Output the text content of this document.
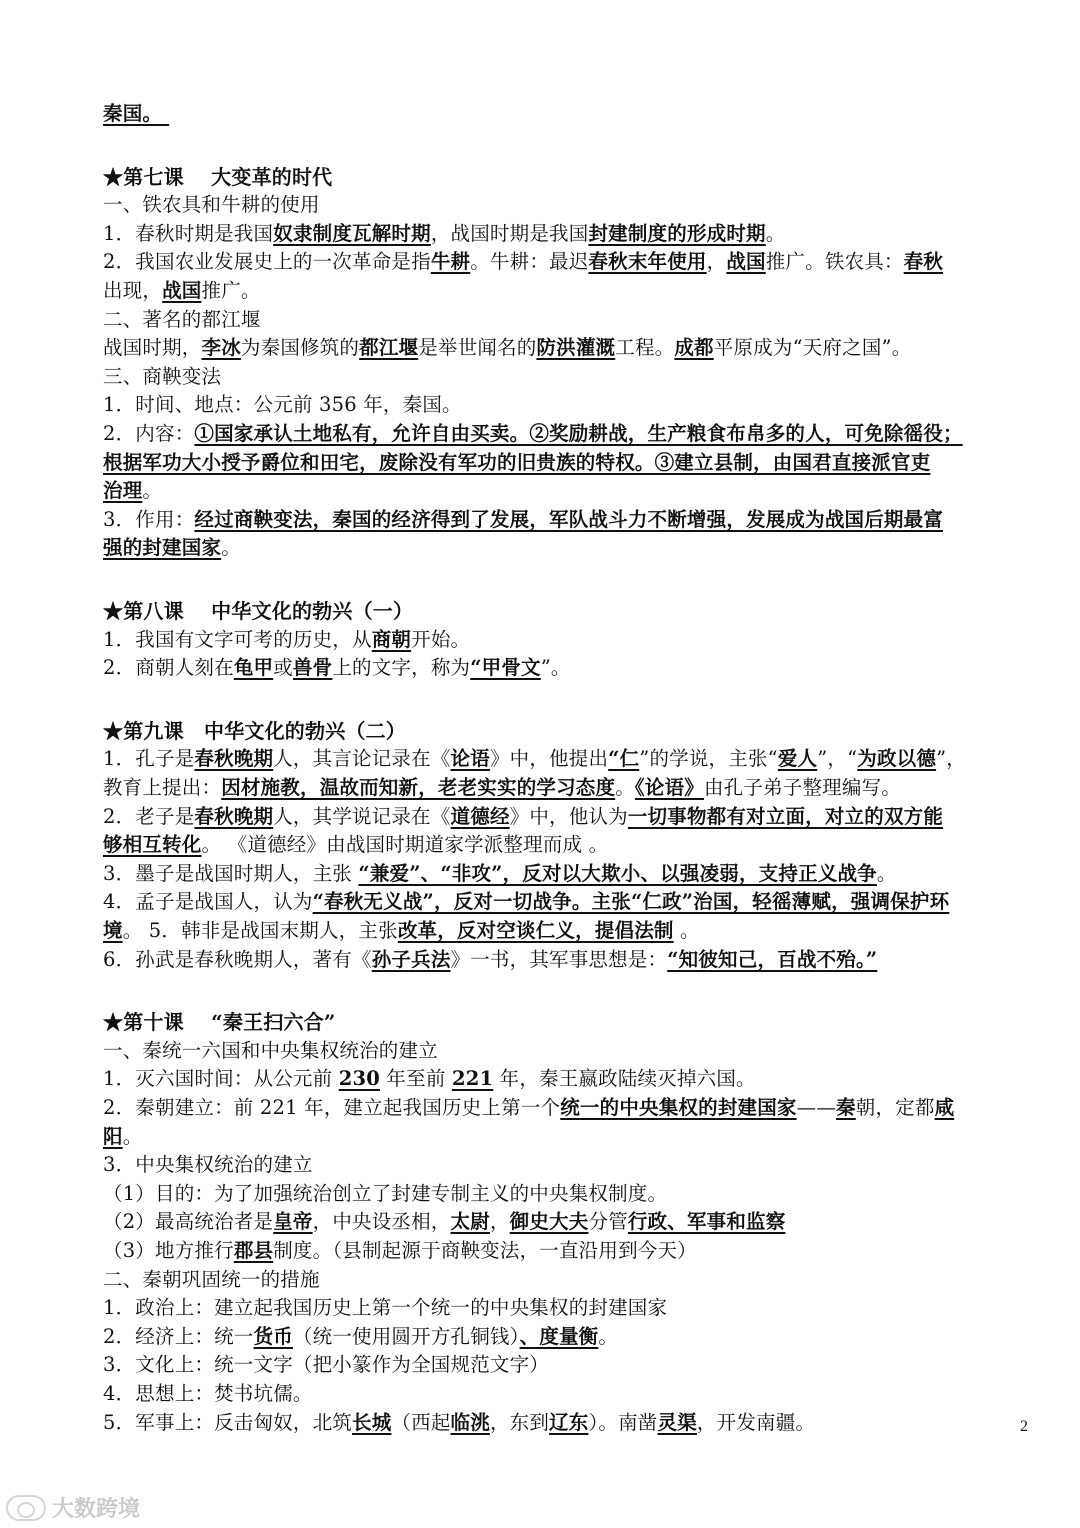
秦国。
★第七课　 大变革的时代
一、铁农具和牛耕的使用
1．春秋时期是我国奴隶制度瓦解时期，战国时期是我国封建制度的形成时期。
2．我国农业发展史上的一次革命是指牛耕。牛耕：最迟春秋末年使用，战国推广。铁农具：春秋
出现，战国推广。
二、著名的都江堰
战国时期，李冰为秦国修筑的都江堰是举世闻名的防洪灌溉工程。成都平原成为“天府之国”。
三、商鞅变法
1．时间、地点：公元前 356 年，秦国。
2．内容：①国家承认土地私有，允许自由买卖。②奖励耕战，生产粮食布帛多的人，可免除徭役；
根据军功大小授予爵位和田宅，废除没有军功的旧贵族的特权。③建立县制，由国君直接派官吏
治理。
3．作用：经过商鞅变法，秦国的经济得到了发展，军队战斗力不断增强，发展成为战国后期最富
强的封建国家。
★第八课　 中华文化的勃兴（一）
1．我国有文字可考的历史，从商朝开始。
2．商朝人刻在龟甲或兽骨上的文字，称为“甲骨文”。
★第九课　中华文化的勃兴（二）
1．孔子是春秋晚期人，其言论记录在《论语》中，他提出“仁”的学说，主张“爱人”，“为政以德”，
教育上提出：因材施教，温故而知新，老老实实的学习态度。《论语》由孔子弟子整理编写。
2．老子是春秋晚期人，其学说记录在《道德经》中，他认为一切事物都有对立面，对立的双方能
够相互转化。 《道德经》由战国时期道家学派整理而成 。
3．墨子是战国时期人，主张 “兼爱”、“非攻”，反对以大欺小、以强凌弱，支持正义战争。
4．孟子是战国人，认为“春秋无义战”，反对一切战争。主张“仁政”治国，轻徭薄赋，强调保护环
境。 5．韩非是战国末期人，主张改革，反对空谈仁义，提倡法制 。
6．孙武是春秋晚期人，著有《孙子兵法》一书，其军事思想是：“知彼知己，百战不殆。”
★第十课　 “秦王扫六合”
一、秦统一六国和中央集权统治的建立
1．灭六国时间：从公元前 230 年至前 221 年，秦王嬴政陆续灭掉六国。
2．秦朝建立：前 221 年，建立起我国历史上第一个统一的中央集权的封建国家——秦朝，定都咸
阳。
3．中央集权统治的建立
（1）目的：为了加强统治创立了封建专制主义的中央集权制度。
（2）最高统治者是皇帝，中央设丞相，太尉，御史大夫分管行政、军事和监察
（3）地方推行郡县制度。（县制起源于商鞅变法，一直沿用到今天）
二、秦朝巩固统一的措施
1．政治上：建立起我国历史上第一个统一的中央集权的封建国家
2．经济上：统一货币（统一使用圆开方孔铜钱）、度量衡。
3．文化上：统一文字（把小篆作为全国规范文字）
4．思想上：焚书坑儒。
5．军事上：反击匈奴，北筑长城（西起临洮，东到辽东）。南凿灵渠，开发南疆。	2
大数跨境
